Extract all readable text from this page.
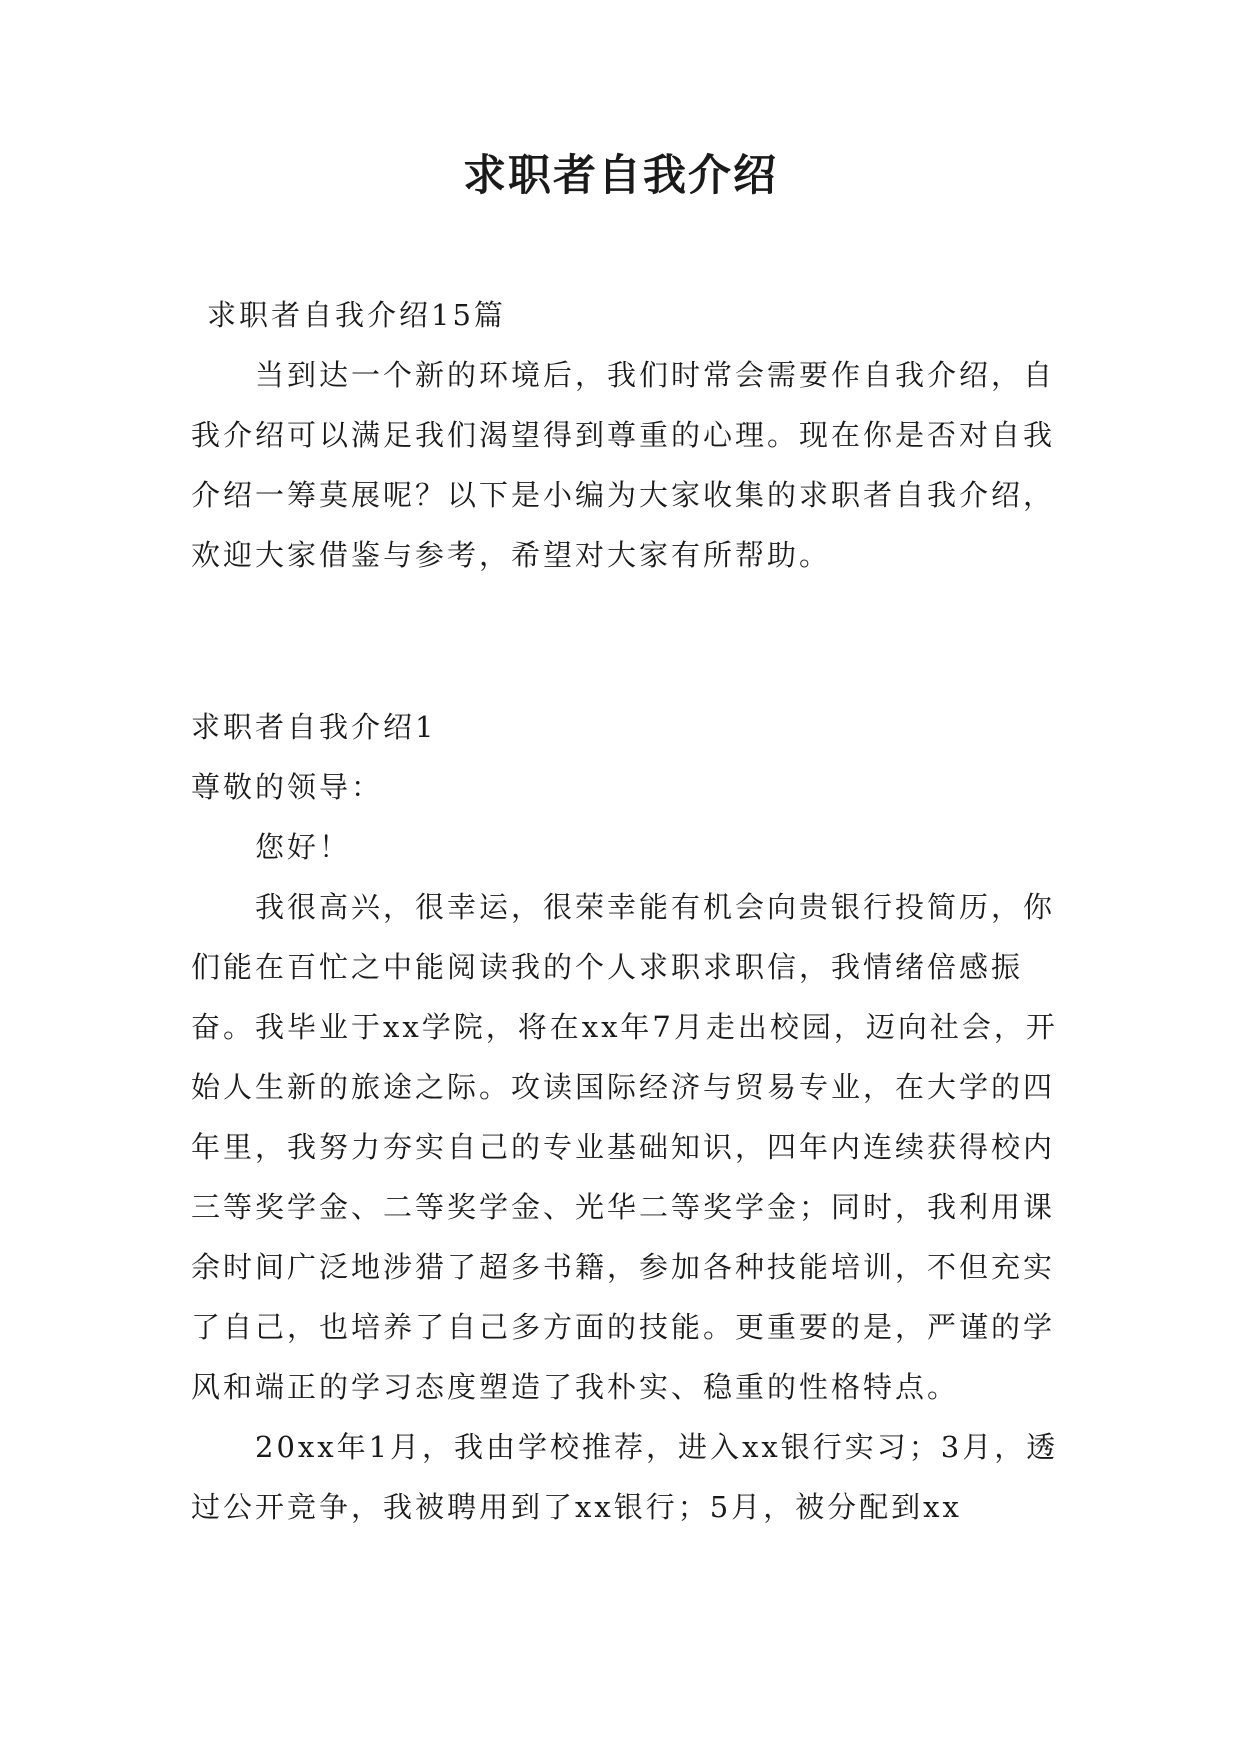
求职者自我介绍

求职者自我介绍15篇

当到达一个新的环境后，我们时常会需要作自我介绍，自我介绍可以满足我们渴望得到尊重的心理。现在你是否对自我介绍一筹莫展呢？以下是小编为大家收集的求职者自我介绍，欢迎大家借鉴与参考，希望对大家有所帮助。

求职者自我介绍1

尊敬的领导：

您好！

我很高兴，很幸运，很荣幸能有机会向贵银行投简历，你们能在百忙之中能阅读我的个人求职求职信，我情绪倍感振奋。我毕业于xx学院，将在xx年7月走出校园，迈向社会，开始人生新的旅途之际。攻读国际经济与贸易专业，在大学的四年里，我努力夯实自己的专业基础知识，四年内连续获得校内三等奖学金、二等奖学金、光华二等奖学金；同时，我利用课余时间广泛地涉猎了超多书籍，参加各种技能培训，不但充实了自己，也培养了自己多方面的技能。更重要的是，严谨的学风和端正的学习态度塑造了我朴实、稳重的性格特点。

20xx年1月，我由学校推荐，进入xx银行实习；3月，透过公开竞争，我被聘用到了xx银行；5月，被分配到xx
